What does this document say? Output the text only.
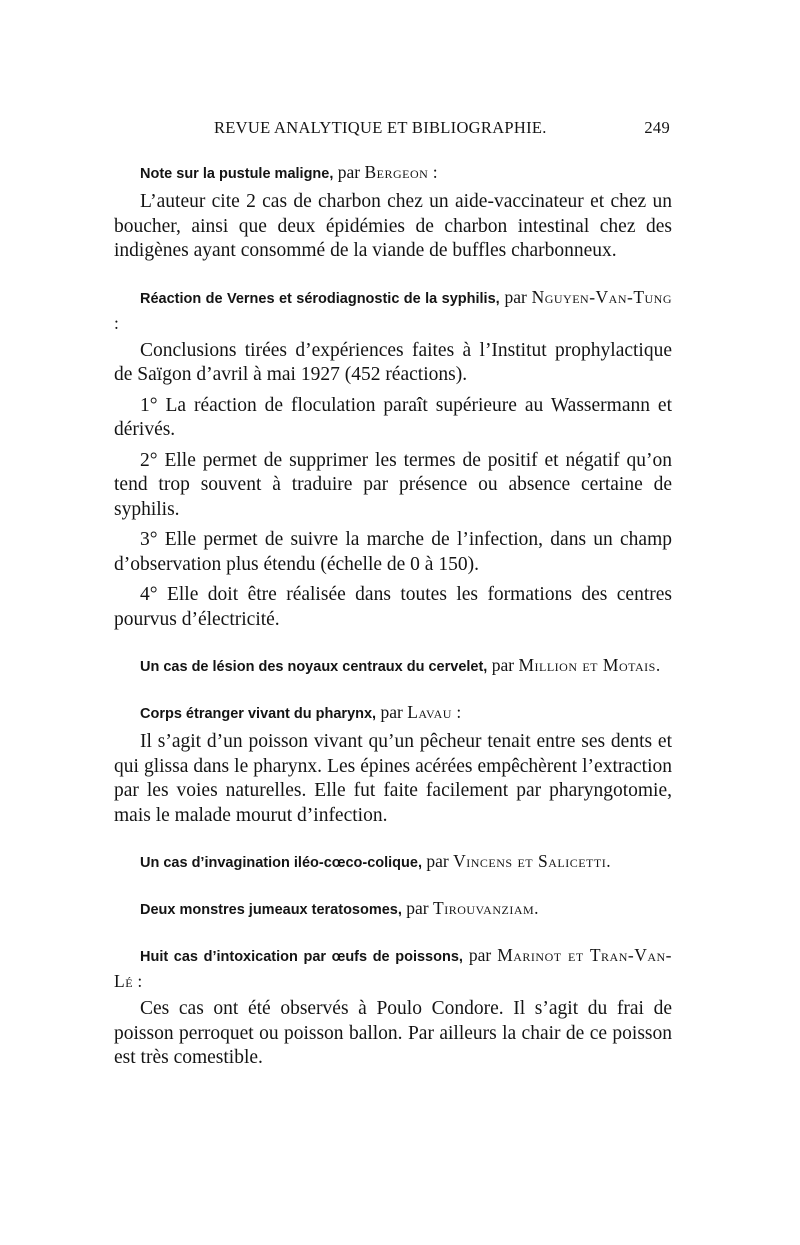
REVUE ANALYTIQUE ET BIBLIOGRAPHIE.	249

Note sur la pustule maligne, par Bergeon :

L’auteur cite 2 cas de charbon chez un aide-vaccinateur et chez un boucher, ainsi que deux épidémies de charbon intestinal chez des indigènes ayant consommé de la viande de buffles charbonneux.

Réaction de Vernes et sérodiagnostic de la syphilis, par Nguyen-Van-Tung :

Conclusions tirées d’expériences faites à l’Institut prophylactique de Saïgon d’avril à mai 1927 (452 réactions).

1° La réaction de floculation paraît supérieure au Wassermann et dérivés.

2° Elle permet de supprimer les termes de positif et négatif qu’on tend trop souvent à traduire par présence ou absence certaine de syphilis.

3° Elle permet de suivre la marche de l’infection, dans un champ d’observation plus étendu (échelle de 0 à 150).

4° Elle doit être réalisée dans toutes les formations des centres pourvus d’électricité.

Un cas de lésion des noyaux centraux du cervelet, par Million et Motais.

Corps étranger vivant du pharynx, par Lavau :

Il s’agit d’un poisson vivant qu’un pêcheur tenait entre ses dents et qui glissa dans le pharynx. Les épines acérées empêchèrent l’extraction par les voies naturelles. Elle fut faite facilement par pharyngotomie, mais le malade mourut d’infection.

Un cas d’invagination iléo-cœco-colique, par Vincens et Salicetti.

Deux monstres jumeaux teratosomes, par Tirouvanziam.

Huit cas d’intoxication par œufs de poissons, par Marinot et Tran-Van-Lé :

Ces cas ont été observés à Poulo Condore. Il s’agit du frai de poisson perroquet ou poisson ballon. Par ailleurs la chair de ce poisson est très comestible.
